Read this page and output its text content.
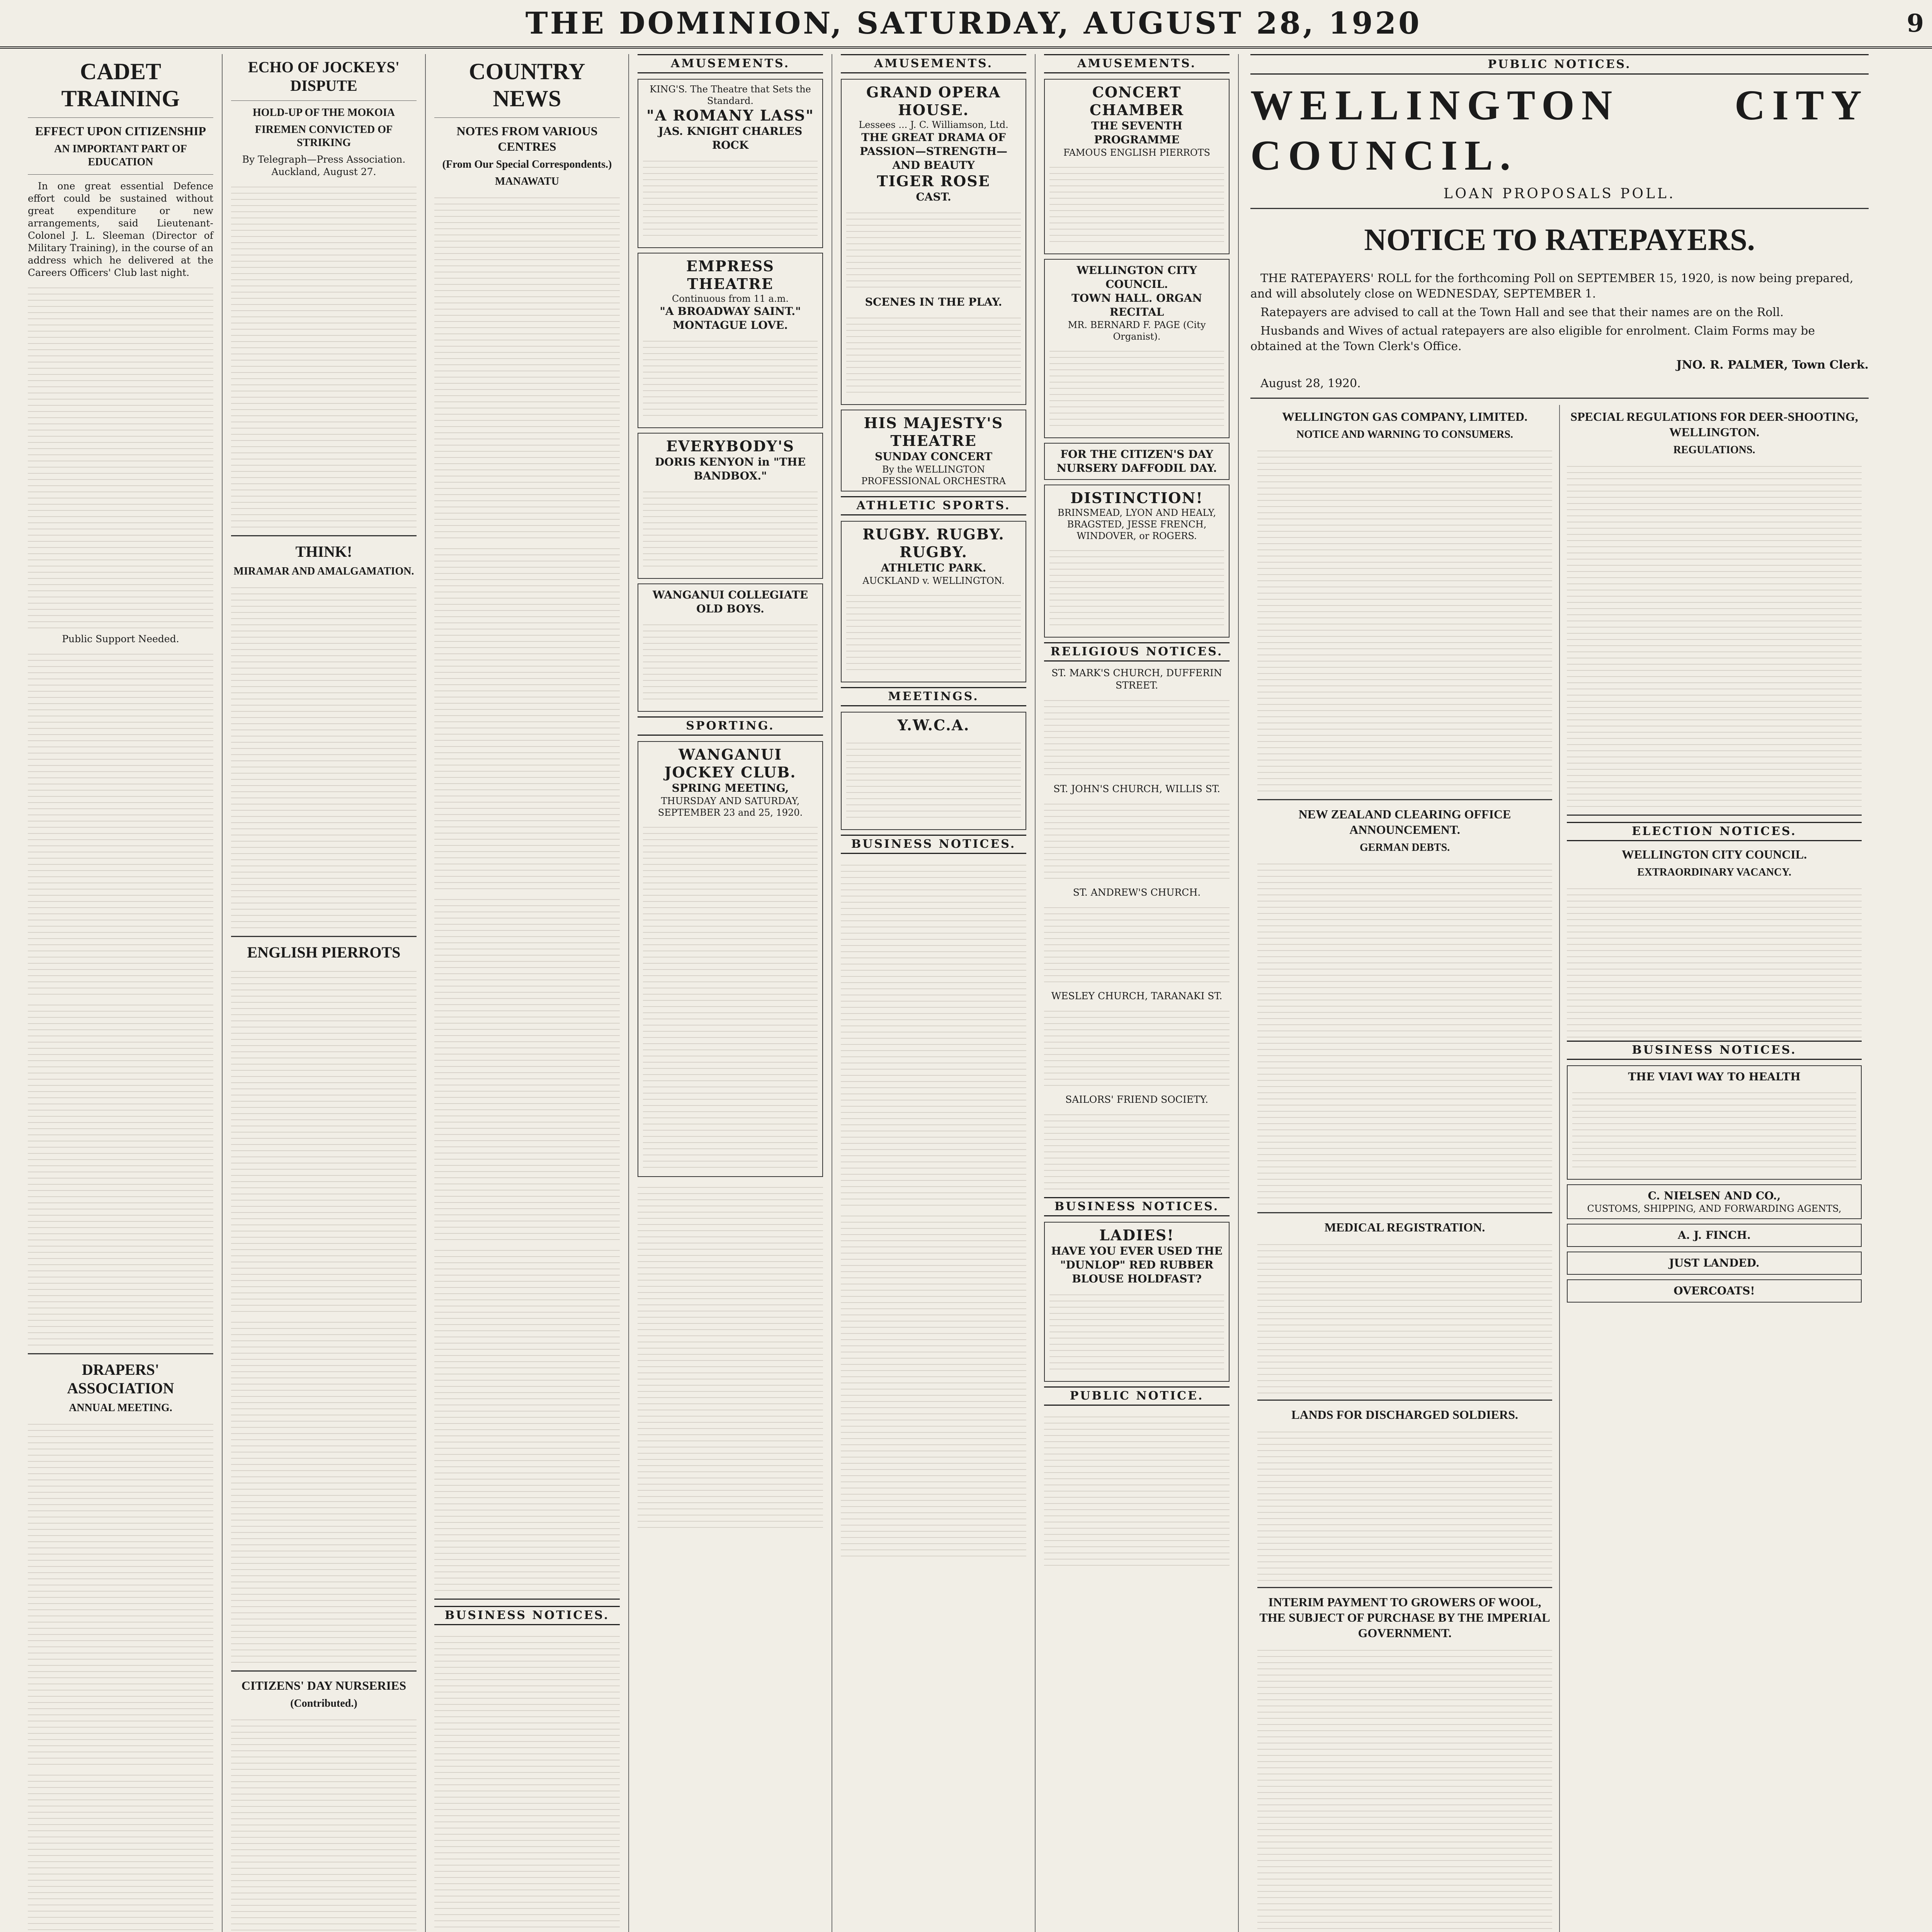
THE DOMINION, SATURDAY, AUGUST 28, 1920	9
CADET TRAINING
EFFECT UPON CITIZENSHIP
AN IMPORTANT PART OF EDUCATION

In one great essential Defence effort could be sustained without great expenditure or new arrangements, said Lieutenant-Colonel J. L. Sleeman (Director of Military Training), in the course of an address which he delivered at the Careers Officers' Club last night.

Public Support Needed.

DRAPERS' ASSOCIATION
ANNUAL MEETING.
ECHO OF JOCKEYS' DISPUTE
HOLD-UP OF THE MOKOIA
FIREMEN CONVICTED OF STRIKING

By Telegraph—Press Association. Auckland, August 27.

THINK!
MIRAMAR AND AMALGAMATION.
ENGLISH PIERROTS
CITIZENS' DAY NURSERIES
(Contributed.)
COUNTRY NEWS
NOTES FROM VARIOUS CENTRES
(From Our Special Correspondents.)
MANAWATU
BUSINESS NOTICES.
AMUSEMENTS.
KING'S. The Theatre that Sets the Standard.
"A ROMANY LASS"
JAS. KNIGHT CHARLES ROCK
EMPRESS THEATRE
Continuous from 11 a.m.
"A BROADWAY SAINT."
MONTAGUE LOVE.
EVERYBODY'S
DORIS KENYON in "THE BANDBOX."
WANGANUI COLLEGIATE OLD BOYS.
SPORTING.
WANGANUI JOCKEY CLUB.
SPRING MEETING,
THURSDAY AND SATURDAY, SEPTEMBER 23 and 25, 1920.
AMUSEMENTS.
GRAND OPERA HOUSE.
Lessees ... J. C. Williamson, Ltd.
THE GREAT DRAMA OF PASSION—STRENGTH—AND BEAUTY
TIGER ROSE
CAST.
SCENES IN THE PLAY.
HIS MAJESTY'S THEATRE
SUNDAY CONCERT
By the WELLINGTON PROFESSIONAL ORCHESTRA
ATHLETIC SPORTS.
RUGBY. RUGBY. RUGBY.
ATHLETIC PARK.
AUCKLAND v. WELLINGTON.
MEETINGS.
Y.W.C.A.
BUSINESS NOTICES.
AMUSEMENTS.
CONCERT CHAMBER
THE SEVENTH PROGRAMME
FAMOUS ENGLISH PIERROTS
WELLINGTON CITY COUNCIL.
TOWN HALL. ORGAN RECITAL
MR. BERNARD F. PAGE (City Organist).
FOR THE CITIZEN'S DAY NURSERY DAFFODIL DAY.
DISTINCTION!
BRINSMEAD, LYON AND HEALY, BRAGSTED, JESSE FRENCH, WINDOVER, or ROGERS.
RELIGIOUS NOTICES.

ST. MARK'S CHURCH, DUFFERIN STREET.

ST. JOHN'S CHURCH, WILLIS ST.

ST. ANDREW'S CHURCH.

WESLEY CHURCH, TARANAKI ST.

SAILORS' FRIEND SOCIETY.

BUSINESS NOTICES.
LADIES!
HAVE YOU EVER USED THE "DUNLOP" RED RUBBER BLOUSE HOLDFAST?
PUBLIC NOTICE.
PUBLIC NOTICES.
WELLINGTON CITY COUNCIL.
LOAN PROPOSALS POLL.
NOTICE TO RATEPAYERS.

THE RATEPAYERS' ROLL for the forthcoming Poll on SEPTEMBER 15, 1920, is now being prepared, and will absolutely close on WEDNESDAY, SEPTEMBER 1.

Ratepayers are advised to call at the Town Hall and see that their names are on the Roll.

Husbands and Wives of actual ratepayers are also eligible for enrolment. Claim Forms may be obtained at the Town Clerk's Office.

JNO. R. PALMER, Town Clerk.

August 28, 1920.

WELLINGTON GAS COMPANY, LIMITED.
NOTICE AND WARNING TO CONSUMERS.
NEW ZEALAND CLEARING OFFICE ANNOUNCEMENT.
GERMAN DEBTS.
MEDICAL REGISTRATION.
LANDS FOR DISCHARGED SOLDIERS.
INTERIM PAYMENT TO GROWERS OF WOOL, THE SUBJECT OF PURCHASE BY THE IMPERIAL GOVERNMENT.
SPECIAL REGULATIONS FOR DEER-SHOOTING, WELLINGTON.
REGULATIONS.
ELECTION NOTICES.
WELLINGTON CITY COUNCIL.
EXTRAORDINARY VACANCY.
BUSINESS NOTICES.
THE VIAVI WAY TO HEALTH
C. NIELSEN AND CO.,
CUSTOMS, SHIPPING, AND FORWARDING AGENTS,
A. J. FINCH.
JUST LANDED.
OVERCOATS!
